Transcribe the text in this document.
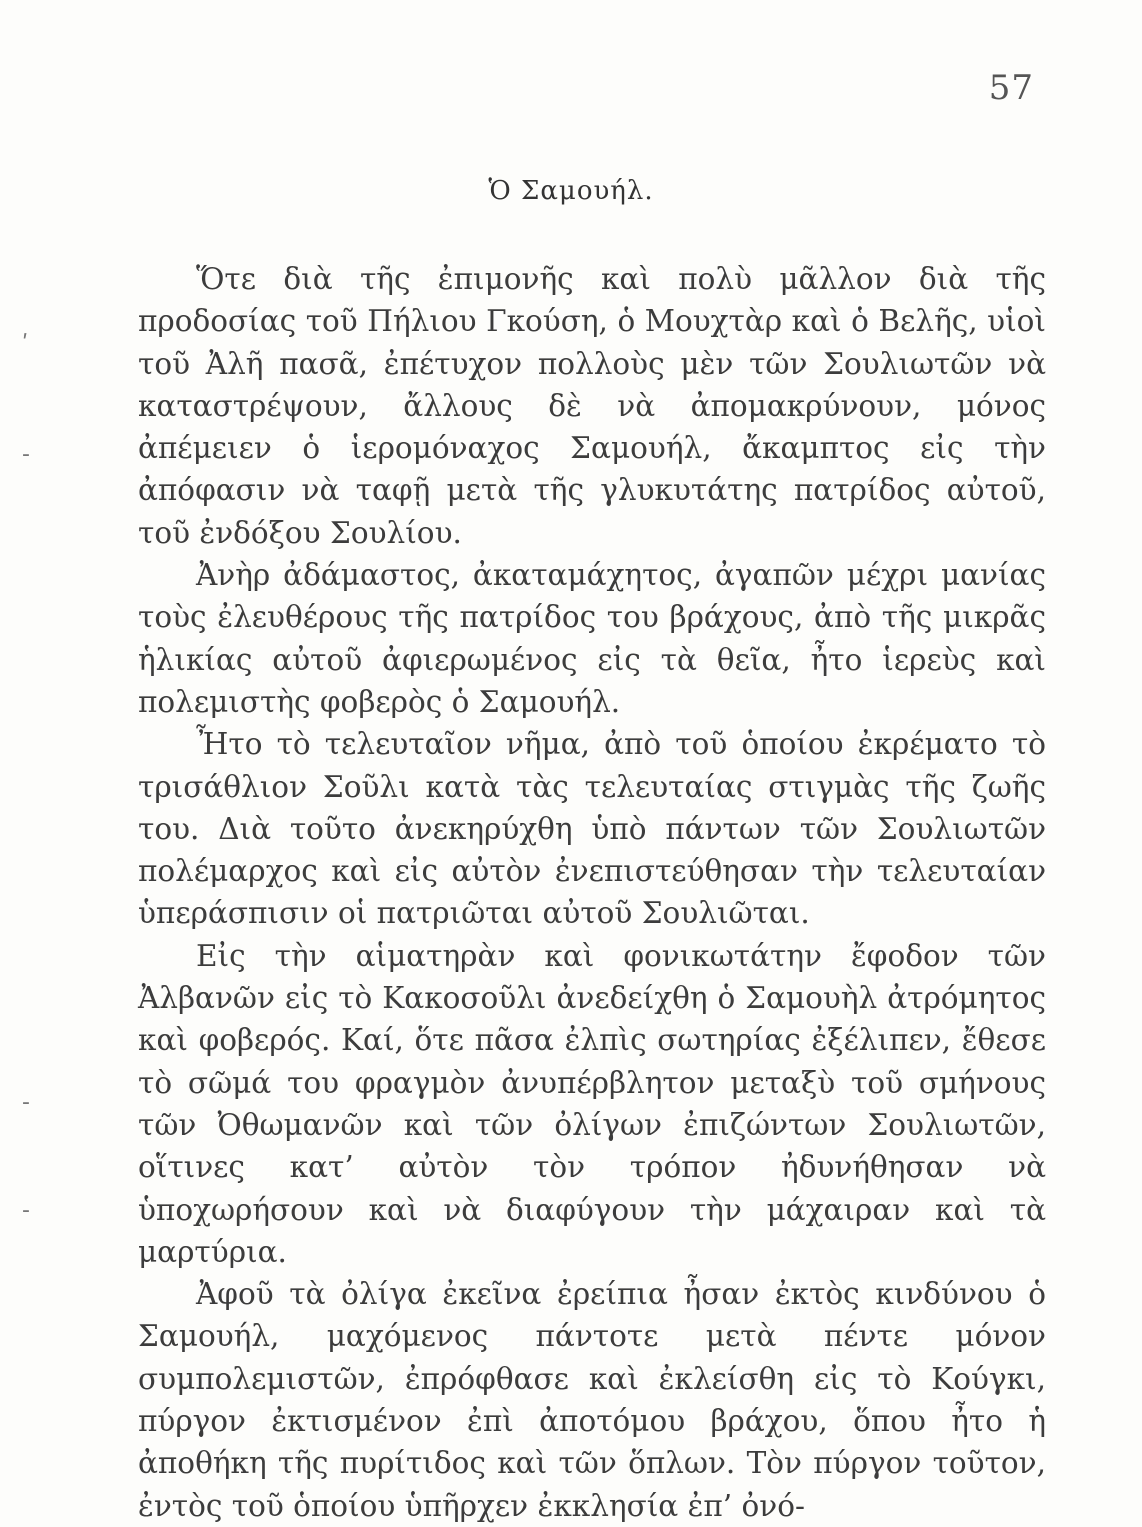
57
Ὁ Σαμουήλ.
ʹ
-
-
-

Ὅτε διὰ τῆς ἐπιμονῆς καὶ πολὺ μᾶλλον διὰ τῆς προδοσίας τοῦ Πήλιου Γκούση, ὁ Μουχτὰρ καὶ ὁ Βελῆς, υἱοὶ τοῦ Ἀλῆ πασᾶ, ἐπέτυχον πολλοὺς μὲν τῶν Σουλιωτῶν νὰ καταστρέψουν, ἄλλους δὲ νὰ ἀπομακρύνουν, μόνος ἀπέμειεν ὁ ἱερομόναχος Σαμουήλ, ἄκαμπτος εἰς τὴν ἀπόφασιν νὰ ταφῇ μετὰ τῆς γλυκυτάτης πατρίδος αὐτοῦ, τοῦ ἐνδόξου Σουλίου.

Ἀνὴρ ἀδάμαστος, ἀκαταμάχητος, ἀγαπῶν μέχρι μανίας τοὺς ἐλευθέρους τῆς πατρίδος του βράχους, ἀπὸ τῆς μικρᾶς ἡλικίας αὐτοῦ ἀφιερωμένος εἰς τὰ θεῖα, ἦτο ἱερεὺς καὶ πολεμιστὴς φοβερὸς ὁ Σαμουήλ.

Ἦτο τὸ τελευταῖον νῆμα, ἀπὸ τοῦ ὁποίου ἐκρέματο τὸ τρισάθλιον Σοῦλι κατὰ τὰς τελευταίας στιγμὰς τῆς ζωῆς του. Διὰ τοῦτο ἀνεκηρύχθη ὑπὸ πάντων τῶν Σουλιωτῶν πολέμαρχος καὶ εἰς αὐτὸν ἐνεπιστεύθησαν τὴν τελευταίαν ὑπεράσπισιν οἱ πατριῶται αὐτοῦ Σουλιῶται.

Εἰς τὴν αἱματηρὰν καὶ φονικωτάτην ἔφοδον τῶν Ἀλβανῶν εἰς τὸ Κακοσοῦλι ἀνεδείχθη ὁ Σαμουὴλ ἀτρόμητος καὶ φοβερός. Καί, ὅτε πᾶσα ἐλπὶς σωτηρίας ἐξέλιπεν, ἔθεσε τὸ σῶμά του φραγμὸν ἀνυπέρβλητον μεταξὺ τοῦ σμήνους τῶν Ὀθωμανῶν καὶ τῶν ὀλίγων ἐπιζώντων Σουλιωτῶν, οἵτινες κατ’ αὐτὸν τὸν τρόπον ἠδυνήθησαν νὰ ὑποχωρήσουν καὶ νὰ διαφύγουν τὴν μάχαιραν καὶ τὰ μαρτύρια.

Ἀφοῦ τὰ ὀλίγα ἐκεῖνα ἐρείπια ἦσαν ἐκτὸς κινδύνου ὁ Σαμουήλ, μαχόμενος πάντοτε μετὰ πέντε μόνον συμπολεμιστῶν, ἐπρόφθασε καὶ ἐκλείσθη εἰς τὸ Κούγκι, πύργον ἐκτισμένον ἐπὶ ἀποτόμου βράχου, ὅπου ἦτο ἡ ἀποθήκη τῆς πυρίτιδος καὶ τῶν ὅπλων. Τὸν πύργον τοῦτον, ἐντὸς τοῦ ὁποίου ὑπῆρχεν ἐκκλησία ἐπ’ ὀνό-
